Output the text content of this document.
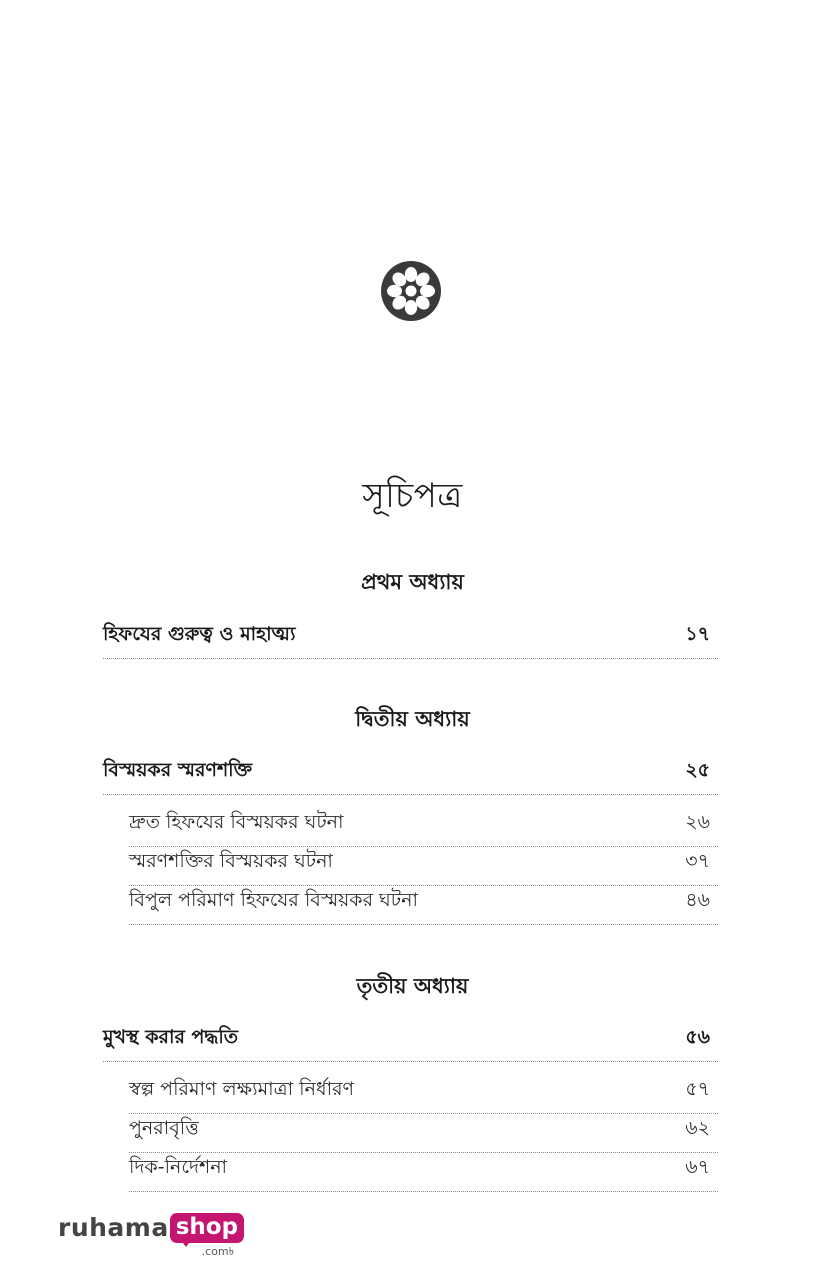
সূচিপত্র
প্রথম অধ্যায়
হিফযের গুরুত্ব ও মাহাত্ম্য	১৭
দ্বিতীয় অধ্যায়
বিস্ময়কর স্মরণশক্তি	২৫
দ্রুত হিফযের বিস্ময়কর ঘটনা	২৬
স্মরণশক্তির বিস্ময়কর ঘটনা	৩৭
বিপুল পরিমাণ হিফযের বিস্ময়কর ঘটনা	৪৬
তৃতীয় অধ্যায়
মুখস্থ করার পদ্ধতি	৫৬
স্বল্প পরিমাণ লক্ষ্যমাত্রা নির্ধারণ	৫৭
পুনরাবৃত্তি	৬২
দিক-নির্দেশনা	৬৭
ruhama shop
.com৳
